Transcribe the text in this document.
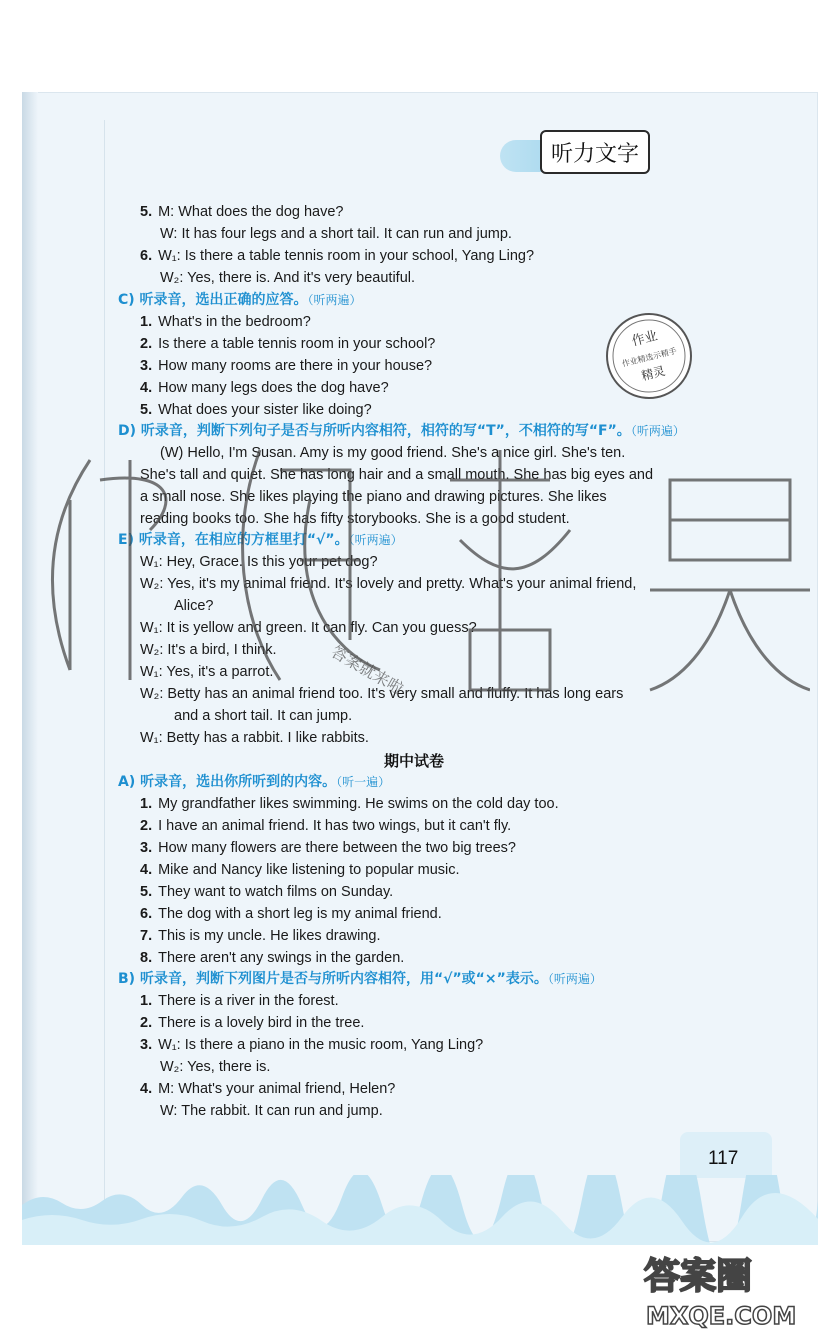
听力文字
作业
作业精选示精手
精灵
5. M: What does the dog have?
W: It has four legs and a short tail. It can run and jump.
6. W₁: Is there a table tennis room in your school, Yang Ling?
W₂: Yes, there is. And it's very beautiful.
C) 听录音，选出正确的应答。（听两遍）
1. What's in the bedroom?
2. Is there a table tennis room in your school?
3. How many rooms are there in your house?
4. How many legs does the dog have?
5. What does your sister like doing?
D) 听录音，判断下列句子是否与所听内容相符，相符的写“T”，不相符的写“F”。（听两遍）
(W) Hello, I'm Susan. Amy is my good friend. She's a nice girl. She's ten.
She's tall and quiet. She has long hair and a small mouth. She has big eyes and
a small nose. She likes playing the piano and drawing pictures. She likes
reading books too. She has fifty storybooks. She is a good student.
E) 听录音，在相应的方框里打“√”。（听两遍）
W₁: Hey, Grace. Is this your pet dog?
W₂: Yes, it's my animal friend. It's lovely and pretty. What's your animal friend,
Alice?
W₁: It is yellow and green. It can fly. Can you guess?
W₂: It's a bird, I think.
W₁: Yes, it's a parrot.
W₂: Betty has an animal friend too. It's very small and fluffy. It has long ears
and a short tail. It can jump.
W₁: Betty has a rabbit. I like rabbits.
A) 听录音，选出你所听到的内容。（听一遍）
1. My grandfather likes swimming. He swims on the cold day too.
2. I have an animal friend. It has two wings, but it can't fly.
3. How many flowers are there between the two big trees?
4. Mike and Nancy like listening to popular music.
5. They want to watch films on Sunday.
6. The dog with a short leg is my animal friend.
7. This is my uncle. He likes drawing.
8. There aren't any swings in the garden.
B) 听录音，判断下列图片是否与所听内容相符，用“√”或“×”表示。（听两遍）
1. There is a river in the forest.
2. There is a lovely bird in the tree.
3. W₁: Is there a piano in the music room, Yang Ling?
W₂: Yes, there is.
4. M: What's your animal friend, Helen?
W: The rabbit. It can run and jump.
期中试卷
答案就来啦
117
答案圈
MXQE.COM
